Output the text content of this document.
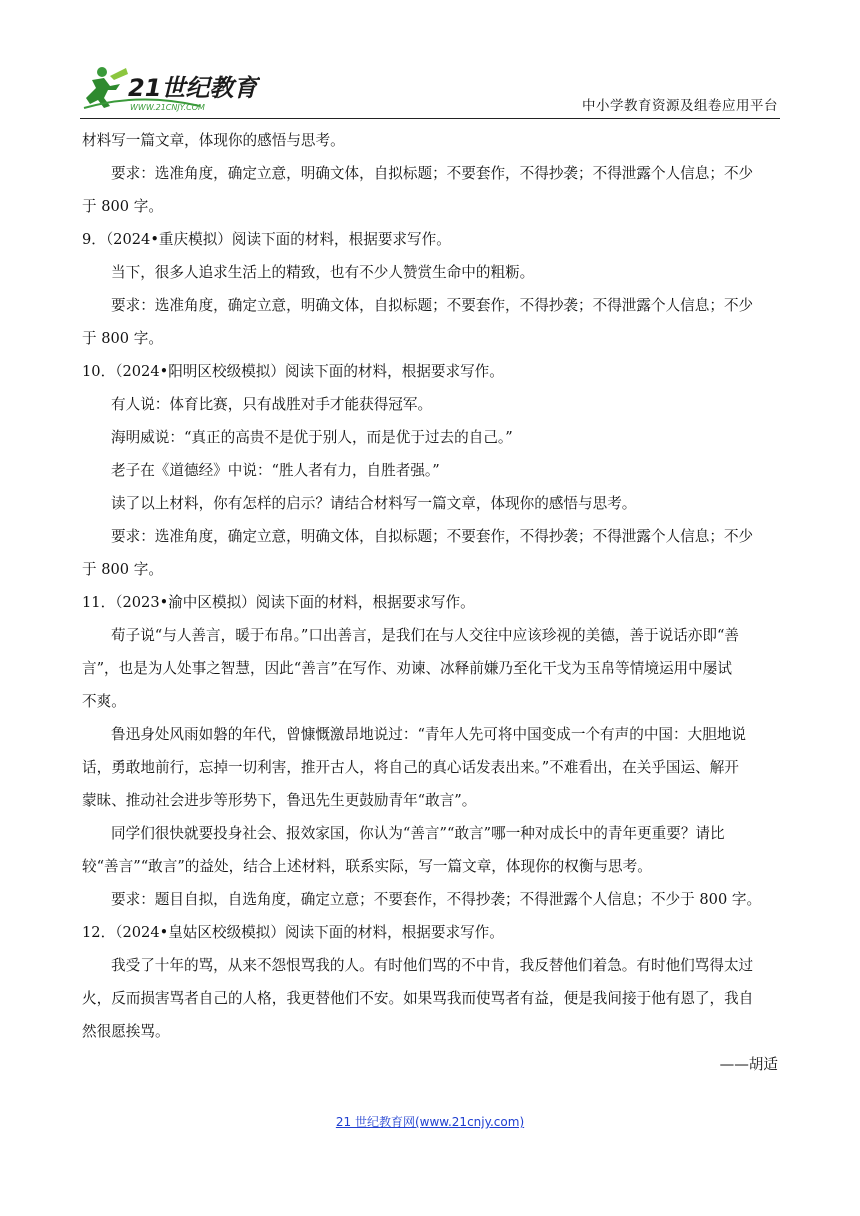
21世纪教育
WWW.21CNJY.COM	中小学教育资源及组卷应用平台

材料写一篇文章，体现你的感悟与思考。

要求：选准角度，确定立意，明确文体，自拟标题；不要套作，不得抄袭；不得泄露个人信息；不少

于 800 字。

9．（2024•重庆模拟）阅读下面的材料，根据要求写作。

当下，很多人追求生活上的精致，也有不少人赞赏生命中的粗粝。

要求：选准角度，确定立意，明确文体，自拟标题；不要套作，不得抄袭；不得泄露个人信息；不少

于 800 字。

10．（2024•阳明区校级模拟）阅读下面的材料，根据要求写作。

有人说：体育比赛，只有战胜对手才能获得冠军。

海明威说：“真正的高贵不是优于别人，而是优于过去的自己。”

老子在《道德经》中说：“胜人者有力，自胜者强。”

读了以上材料，你有怎样的启示？请结合材料写一篇文章，体现你的感悟与思考。

要求：选准角度，确定立意，明确文体，自拟标题；不要套作，不得抄袭；不得泄露个人信息；不少

于 800 字。

11．（2023•渝中区模拟）阅读下面的材料，根据要求写作。

荀子说“与人善言，暖于布帛。”口出善言，是我们在与人交往中应该珍视的美德，善于说话亦即“善

言”，也是为人处事之智慧，因此“善言”在写作、劝谏、冰释前嫌乃至化干戈为玉帛等情境运用中屡试

不爽。

鲁迅身处风雨如磐的年代，曾慷慨激昂地说过：“青年人先可将中国变成一个有声的中国：大胆地说

话，勇敢地前行，忘掉一切利害，推开古人，将自己的真心话发表出来。”不难看出，在关乎国运、解开

蒙昧、推动社会进步等形势下，鲁迅先生更鼓励青年“敢言”。

同学们很快就要投身社会、报效家国，你认为“善言”“敢言”哪一种对成长中的青年更重要？请比

较“善言”“敢言”的益处，结合上述材料，联系实际，写一篇文章，体现你的权衡与思考。

要求：题目自拟，自选角度，确定立意；不要套作，不得抄袭；不得泄露个人信息；不少于 800 字。

12．（2024•皇姑区校级模拟）阅读下面的材料，根据要求写作。

我受了十年的骂，从来不怨恨骂我的人。有时他们骂的不中肯，我反替他们着急。有时他们骂得太过

火，反而损害骂者自己的人格，我更替他们不安。如果骂我而使骂者有益，便是我间接于他有恩了，我自

然很愿挨骂。

——胡适

21 世纪教育网(www.21cnjy.com)
